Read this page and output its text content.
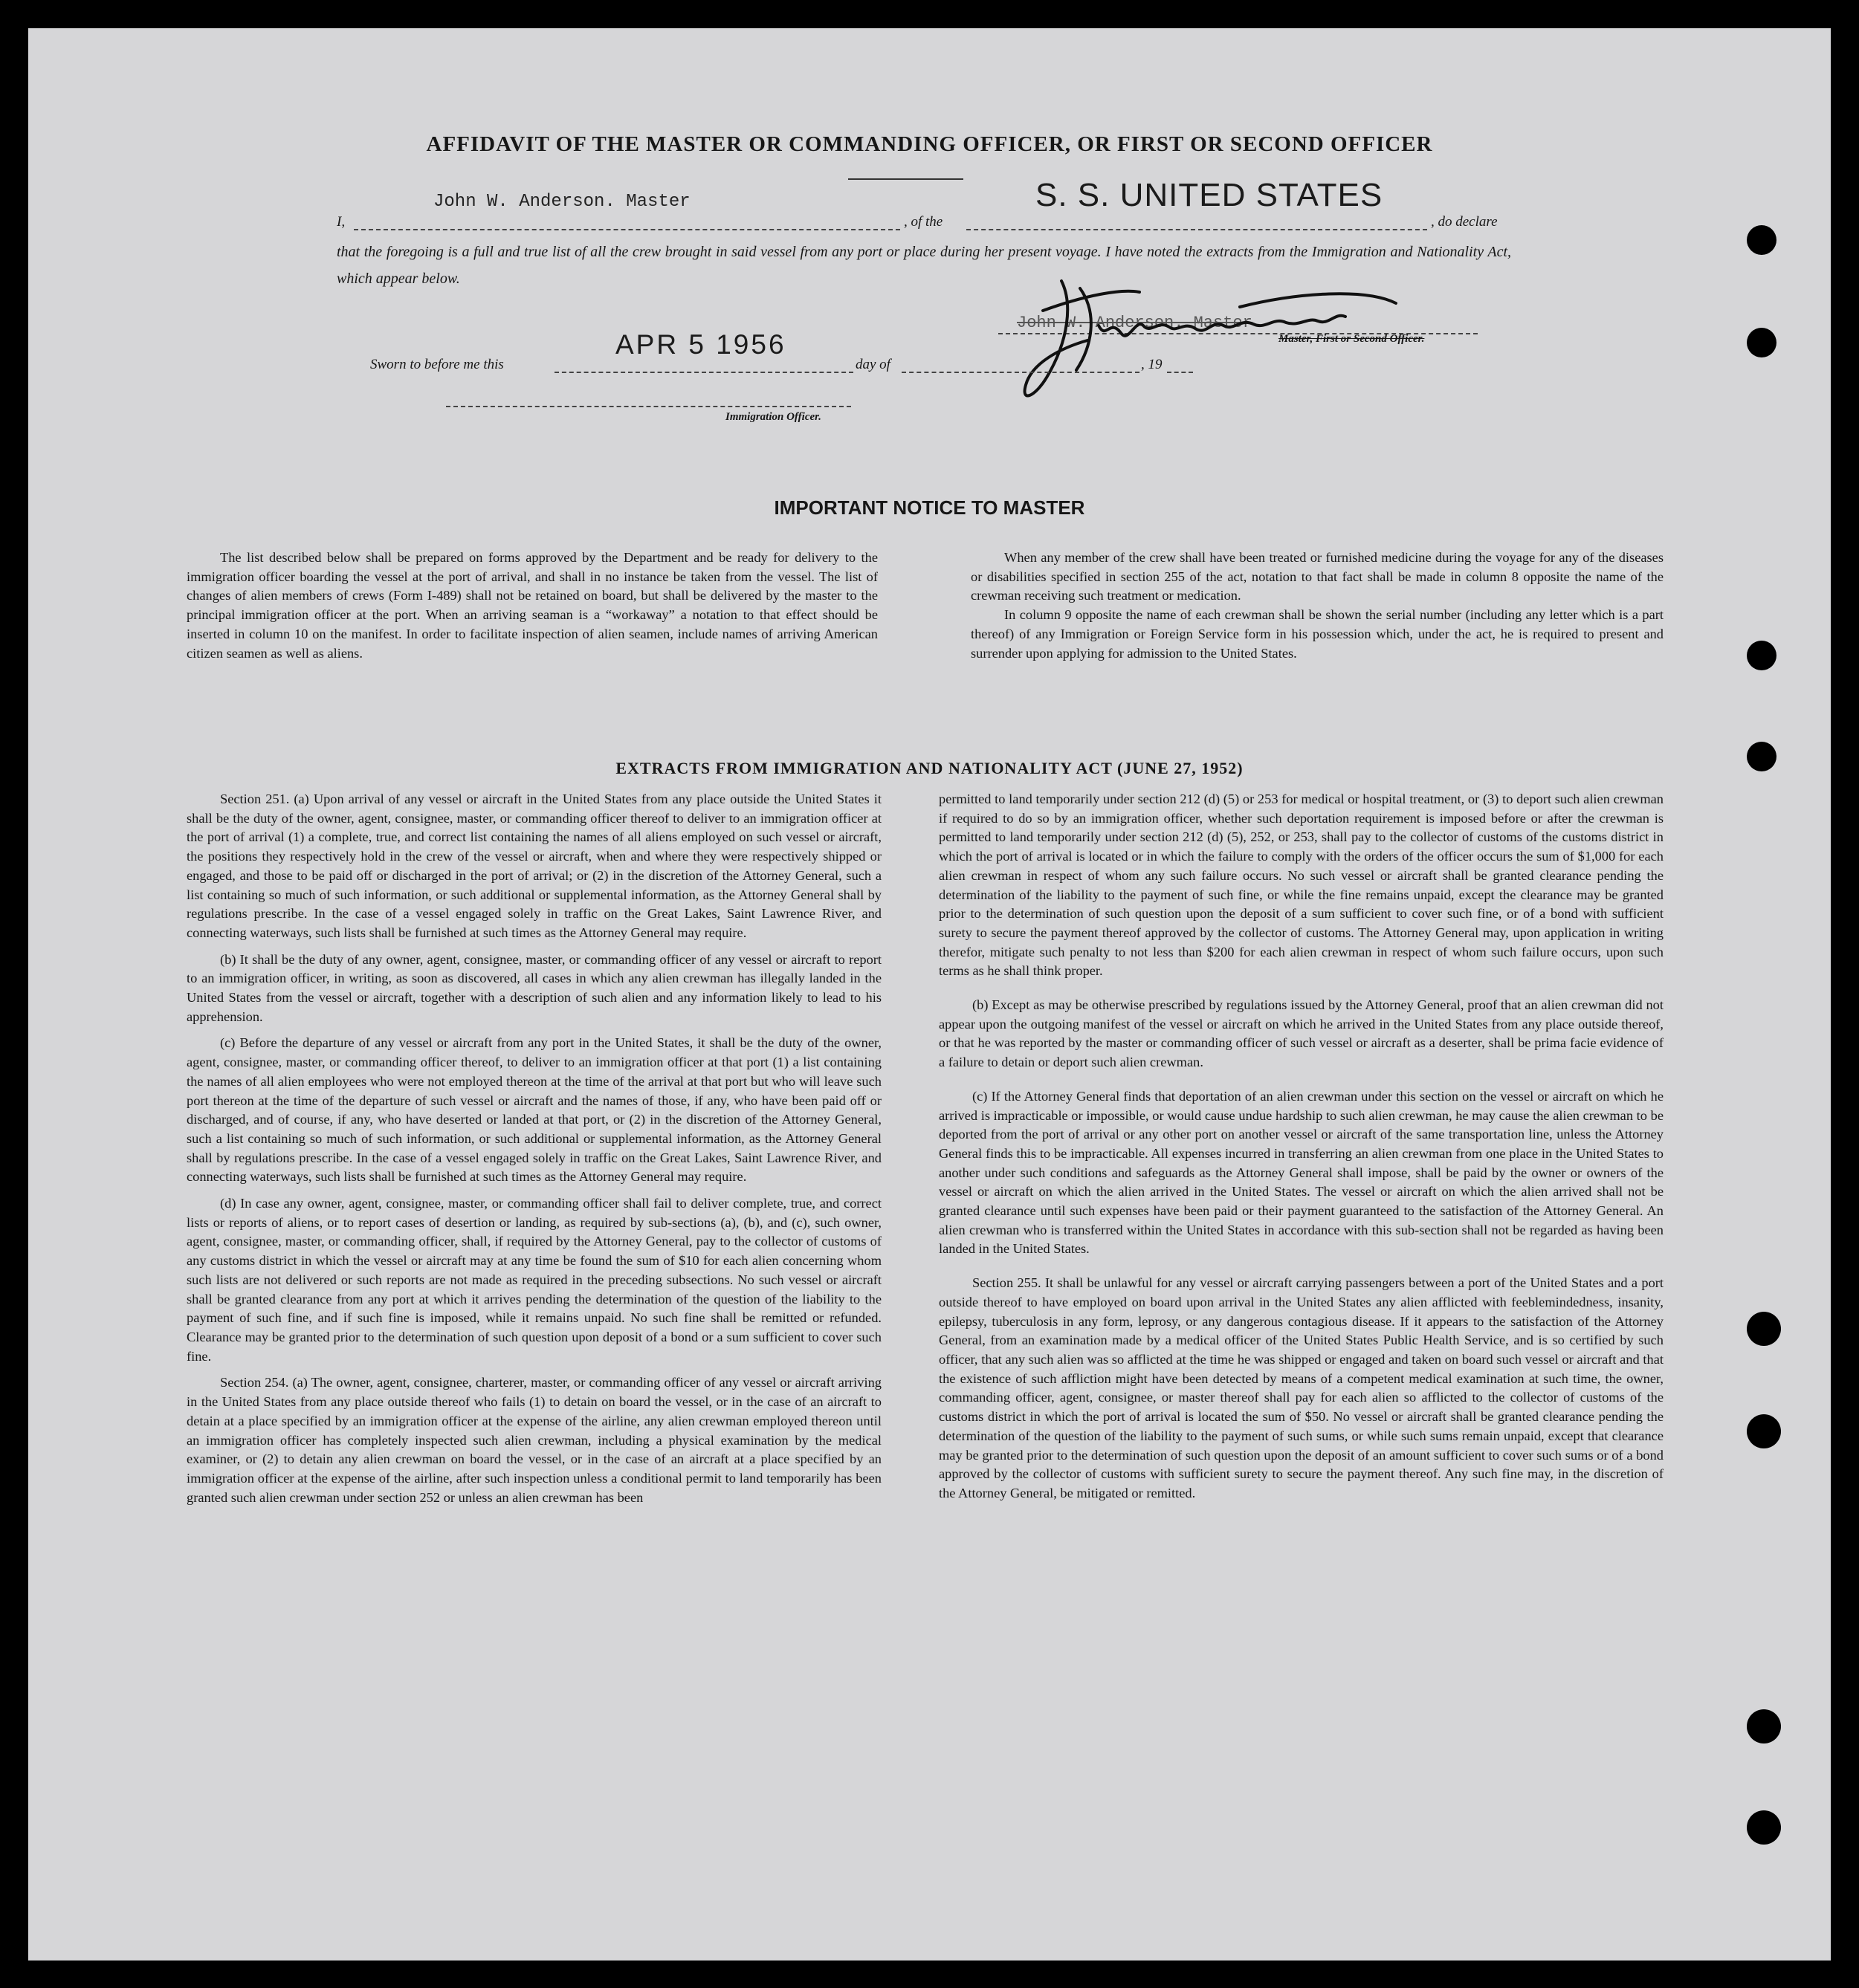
AFFIDAVIT OF THE MASTER OR COMMANDING OFFICER, OR FIRST OR SECOND OFFICER
I,
John W. Anderson. Master
, of the
S. S. UNITED STATES
, do declare
that the foregoing is a full and true list of all the crew brought in said vessel from any port or place during her present voyage. I have noted the extracts from the Immigration and Nationality Act, which appear below.
John W. Anderson. Master
Master, First or Second Officer.
Sworn to before me this
APR 5 1956
day of	, 19
Immigration Officer.
IMPORTANT NOTICE TO MASTER

The list described below shall be prepared on forms approved by the Department and be ready for delivery to the immigration officer boarding the vessel at the port of arrival, and shall in no instance be taken from the vessel. The list of changes of alien members of crews (Form I-489) shall not be retained on board, but shall be delivered by the master to the principal immigration officer at the port. When an arriving seaman is a “workaway” a notation to that effect should be inserted in column 10 on the manifest. In order to facilitate inspection of alien seamen, include names of arriving American citizen seamen as well as aliens.

When any member of the crew shall have been treated or furnished medicine during the voyage for any of the diseases or disabilities specified in section 255 of the act, notation to that fact shall be made in column 8 opposite the name of the crewman receiving such treatment or medication.

In column 9 opposite the name of each crewman shall be shown the serial number (including any letter which is a part thereof) of any Immigration or Foreign Service form in his possession which, under the act, he is required to present and surrender upon applying for admission to the United States.

EXTRACTS FROM IMMIGRATION AND NATIONALITY ACT (JUNE 27, 1952)

Section 251. (a) Upon arrival of any vessel or aircraft in the United States from any place outside the United States it shall be the duty of the owner, agent, consignee, master, or commanding officer thereof to deliver to an immigration officer at the port of arrival (1) a complete, true, and correct list containing the names of all aliens employed on such vessel or aircraft, the positions they respectively hold in the crew of the vessel or aircraft, when and where they were respectively shipped or engaged, and those to be paid off or discharged in the port of arrival; or (2) in the discretion of the Attorney General, such a list containing so much of such information, or such additional or supplemental information, as the Attorney General shall by regulations prescribe. In the case of a vessel engaged solely in traffic on the Great Lakes, Saint Lawrence River, and connecting waterways, such lists shall be furnished at such times as the Attorney General may require.

(b) It shall be the duty of any owner, agent, consignee, master, or commanding officer of any vessel or aircraft to report to an immigration officer, in writing, as soon as discovered, all cases in which any alien crewman has illegally landed in the United States from the vessel or aircraft, together with a description of such alien and any information likely to lead to his apprehension.

(c) Before the departure of any vessel or aircraft from any port in the United States, it shall be the duty of the owner, agent, consignee, master, or commanding officer thereof, to deliver to an immigration officer at that port (1) a list containing the names of all alien employees who were not employed thereon at the time of the arrival at that port but who will leave such port thereon at the time of the departure of such vessel or aircraft and the names of those, if any, who have been paid off or discharged, and of course, if any, who have deserted or landed at that port, or (2) in the discretion of the Attorney General, such a list containing so much of such information, or such additional or supplemental information, as the Attorney General shall by regulations prescribe. In the case of a vessel engaged solely in traffic on the Great Lakes, Saint Lawrence River, and connecting waterways, such lists shall be furnished at such times as the Attorney General may require.

(d) In case any owner, agent, consignee, master, or commanding officer shall fail to deliver complete, true, and correct lists or reports of aliens, or to report cases of desertion or landing, as required by sub-sections (a), (b), and (c), such owner, agent, consignee, master, or commanding officer, shall, if required by the Attorney General, pay to the collector of customs of any customs district in which the vessel or aircraft may at any time be found the sum of $10 for each alien concerning whom such lists are not delivered or such reports are not made as required in the preceding subsections. No such vessel or aircraft shall be granted clearance from any port at which it arrives pending the determination of the question of the liability to the payment of such fine, and if such fine is imposed, while it remains unpaid. No such fine shall be remitted or refunded. Clearance may be granted prior to the determination of such question upon deposit of a bond or a sum sufficient to cover such fine.

Section 254. (a) The owner, agent, consignee, charterer, master, or commanding officer of any vessel or aircraft arriving in the United States from any place outside thereof who fails (1) to detain on board the vessel, or in the case of an aircraft to detain at a place specified by an immigration officer at the expense of the airline, any alien crewman employed thereon until an immigration officer has completely inspected such alien crewman, including a physical examination by the medical examiner, or (2) to detain any alien crewman on board the vessel, or in the case of an aircraft at a place specified by an immigration officer at the expense of the airline, after such inspection unless a conditional permit to land temporarily has been granted such alien crewman under section 252 or unless an alien crewman has been

permitted to land temporarily under section 212 (d) (5) or 253 for medical or hospital treatment, or (3) to deport such alien crewman if required to do so by an immigration officer, whether such deportation requirement is imposed before or after the crewman is permitted to land temporarily under section 212 (d) (5), 252, or 253, shall pay to the collector of customs of the customs district in which the port of arrival is located or in which the failure to comply with the orders of the officer occurs the sum of $1,000 for each alien crewman in respect of whom any such failure occurs. No such vessel or aircraft shall be granted clearance pending the determination of the liability to the payment of such fine, or while the fine remains unpaid, except the clearance may be granted prior to the determination of such question upon the deposit of a sum sufficient to cover such fine, or of a bond with sufficient surety to secure the payment thereof approved by the collector of customs. The Attorney General may, upon application in writing therefor, mitigate such penalty to not less than $200 for each alien crewman in respect of whom such failure occurs, upon such terms as he shall think proper.

(b) Except as may be otherwise prescribed by regulations issued by the Attorney General, proof that an alien crewman did not appear upon the outgoing manifest of the vessel or aircraft on which he arrived in the United States from any place outside thereof, or that he was reported by the master or commanding officer of such vessel or aircraft as a deserter, shall be prima facie evidence of a failure to detain or deport such alien crewman.

(c) If the Attorney General finds that deportation of an alien crewman under this section on the vessel or aircraft on which he arrived is impracticable or impossible, or would cause undue hardship to such alien crewman, he may cause the alien crewman to be deported from the port of arrival or any other port on another vessel or aircraft of the same transportation line, unless the Attorney General finds this to be impracticable. All expenses incurred in transferring an alien crewman from one place in the United States to another under such conditions and safeguards as the Attorney General shall impose, shall be paid by the owner or owners of the vessel or aircraft on which the alien arrived in the United States. The vessel or aircraft on which the alien arrived shall not be granted clearance until such expenses have been paid or their payment guaranteed to the satisfaction of the Attorney General. An alien crewman who is transferred within the United States in accordance with this sub-section shall not be regarded as having been landed in the United States.

Section 255. It shall be unlawful for any vessel or aircraft carrying passengers between a port of the United States and a port outside thereof to have employed on board upon arrival in the United States any alien afflicted with feeblemindedness, insanity, epilepsy, tuberculosis in any form, leprosy, or any dangerous contagious disease. If it appears to the satisfaction of the Attorney General, from an examination made by a medical officer of the United States Public Health Service, and is so certified by such officer, that any such alien was so afflicted at the time he was shipped or engaged and taken on board such vessel or aircraft and that the existence of such affliction might have been detected by means of a competent medical examination at such time, the owner, commanding officer, agent, consignee, or master thereof shall pay for each alien so afflicted to the collector of customs of the customs district in which the port of arrival is located the sum of $50. No vessel or aircraft shall be granted clearance pending the determination of the question of the liability to the payment of such sums, or while such sums remain unpaid, except that clearance may be granted prior to the determination of such question upon the deposit of an amount sufficient to cover such sums or of a bond approved by the collector of customs with sufficient surety to secure the payment thereof. Any such fine may, in the discretion of the Attorney General, be mitigated or remitted.
